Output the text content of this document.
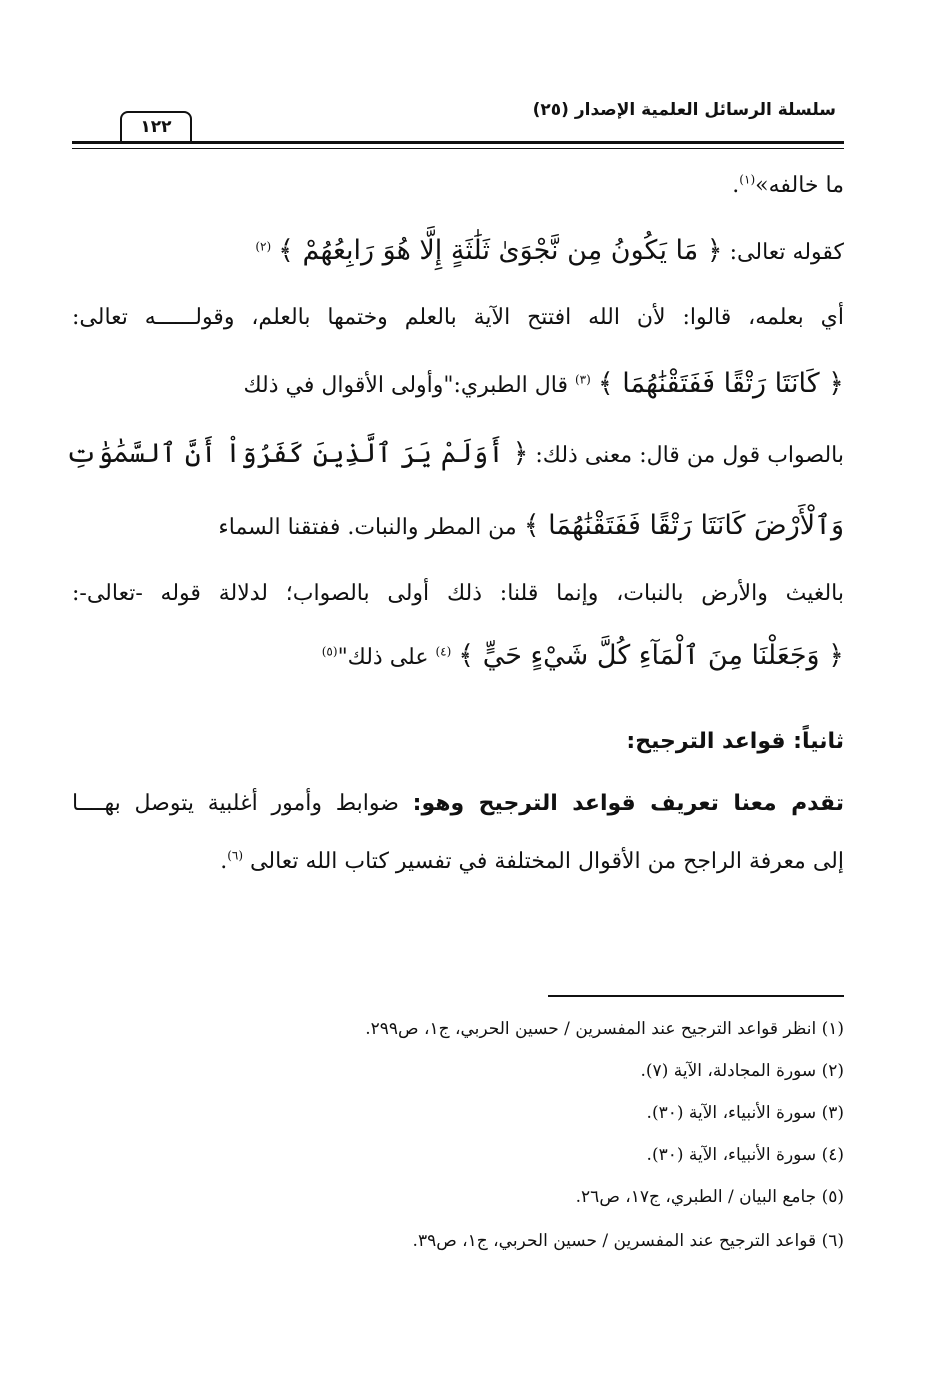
سلسلة الرسائل العلمية الإصدار (٢٥)
١٢٢
ما خالفه»$^{(١)}$.
كقوله تعالى: ﴿ مَا يَكُونُ مِن نَّجْوَىٰ ثَلَٰثَةٍ إِلَّا هُوَ رَابِعُهُمْ ﴾ $^{(٢)}$
أي بعلمه، قالوا: لأن الله افتتح الآية بالعلم وختمها بالعلم، وقولــــــه تعالى:
﴿ كَانَتَا رَتْقًا فَفَتَقْنَٰهُمَا ﴾ $^{(٣)}$ قال الطبري:"وأولى الأقوال في ذلك
بالصواب قول من قال: معنى ذلك: ﴿ أَوَلَمْ يَرَ ٱلَّذِينَ كَفَرُوٓاْ أَنَّ ٱلسَّمَٰوَٰتِ
وَٱلْأَرْضَ كَانَتَا رَتْقًا فَفَتَقْنَٰهُمَا ﴾ من المطر والنبات. ففتقنا السماء
بالغيث والأرض بالنبات، وإنما قلنا: ذلك أولى بالصواب؛ لدلالة قوله -تعالى-:
﴿ وَجَعَلْنَا مِنَ ٱلْمَآءِ كُلَّ شَيْءٍ حَيٍّ ﴾ $^{(٤)}$ على ذلك"$^{(٥)}$
ثانياً: قواعد الترجيح:
تقدم معنا تعريف قواعد الترجيح وهو: ضوابط وأمور أغلبية يتوصل بهــــا
إلى معرفة الراجح من الأقوال المختلفة في تفسير كتاب الله تعالى $^{(٦)}$.
(١) انظر قواعد الترجيح عند المفسرين / حسين الحربي، ج١، ص٢٩٩.
(٢) سورة المجادلة، الآية (٧).
(٣) سورة الأنبياء، الآية (٣٠).
(٤) سورة الأنبياء، الآية (٣٠).
(٥) جامع البيان / الطبري، ج١٧، ص٢٦.
(٦) قواعد الترجيح عند المفسرين / حسين الحربي، ج١، ص٣٩.
